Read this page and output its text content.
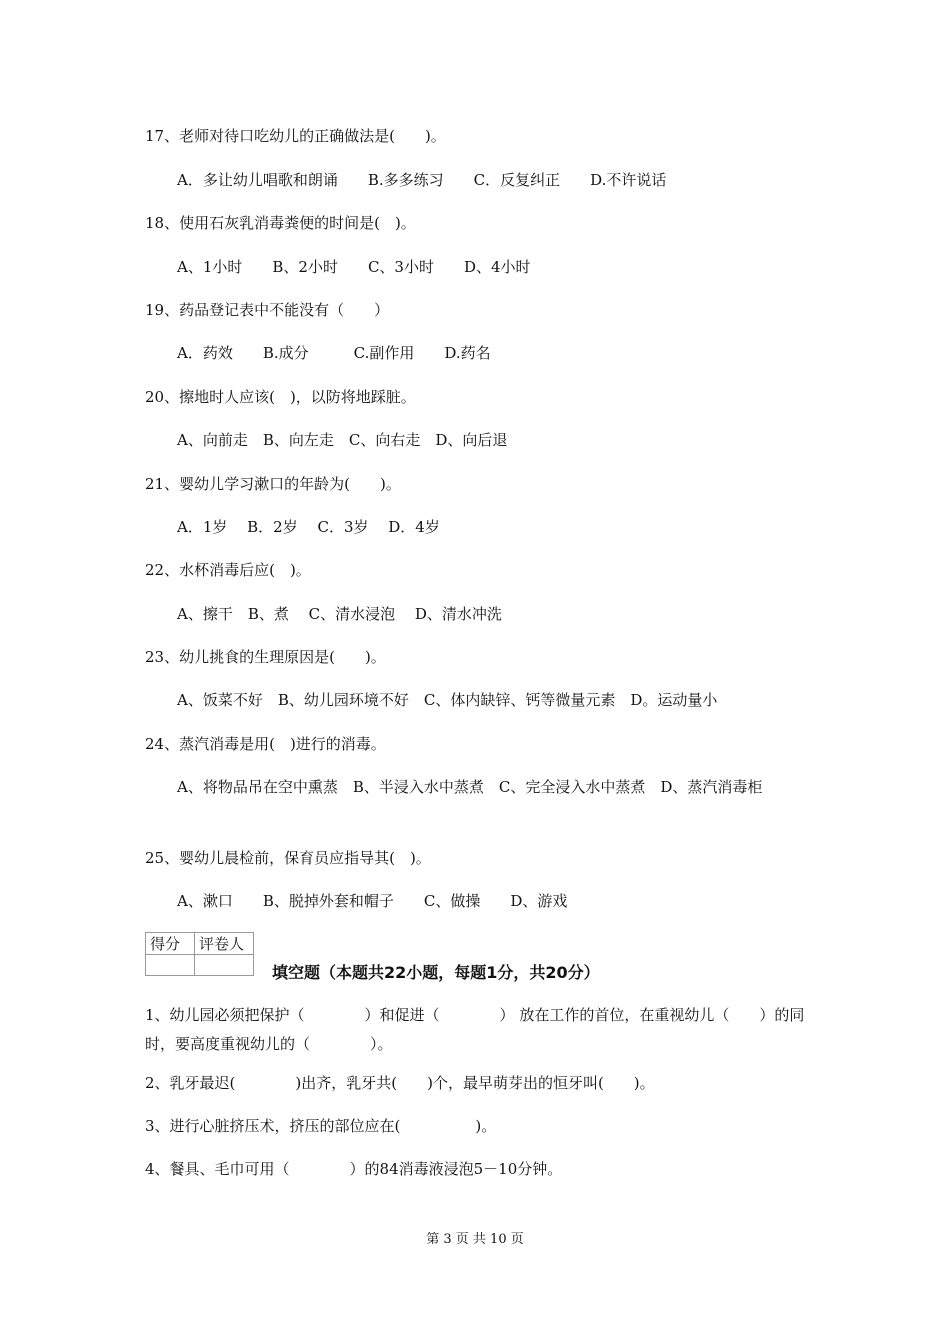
17、老师对待口吃幼儿的正确做法是(　　)。
A．多让幼儿唱歌和朗诵　　B.多多练习　　C．反复纠正　　D.不许说话
18、使用石灰乳消毒粪便的时间是(　)。
A、1小时　　B、2小时　　C、3小时　　D、4小时
19、药品登记表中不能没有（　　）
A．药效　　B.成分　　　C.副作用　　D.药名
20、擦地时人应该(　)，以防将地踩脏。
A、向前走　B、向左走　C、向右走　D、向后退
21、婴幼儿学习漱口的年龄为(　　)。
A．1岁　 B．2岁　 C．3岁　 D．4岁
22、水杯消毒后应(　)。
A、擦干　B、煮　 C、清水浸泡　 D、清水冲洗
23、幼儿挑食的生理原因是(　　)。
A、饭菜不好　B、幼儿园环境不好　C、体内缺锌、钙等微量元素　D。运动量小
24、蒸汽消毒是用(　)进行的消毒。
A、将物品吊在空中熏蒸　B、半浸入水中蒸煮　C、完全浸入水中蒸煮　D、蒸汽消毒柜
25、婴幼儿晨检前，保育员应指导其(　)。
A、漱口　　B、脱掉外套和帽子　　C、做操　　D、游戏
得分	评卷人

填空题（本题共22小题，每题1分，共20分）
1、幼儿园必须把保护（　　　　）和促进（　　　　） 放在工作的首位，在重视幼儿（　　）的同时，要高度重视幼儿的（　　　　）。
2、乳牙最迟(　　　　)出齐，乳牙共(　　)个，最早萌芽出的恒牙叫(　　)。
3、进行心脏挤压术，挤压的部位应在(　　　　　)。
4、餐具、毛巾可用（　　　　）的84消毒液浸泡5－10分钟。
第 3 页 共 10 页
